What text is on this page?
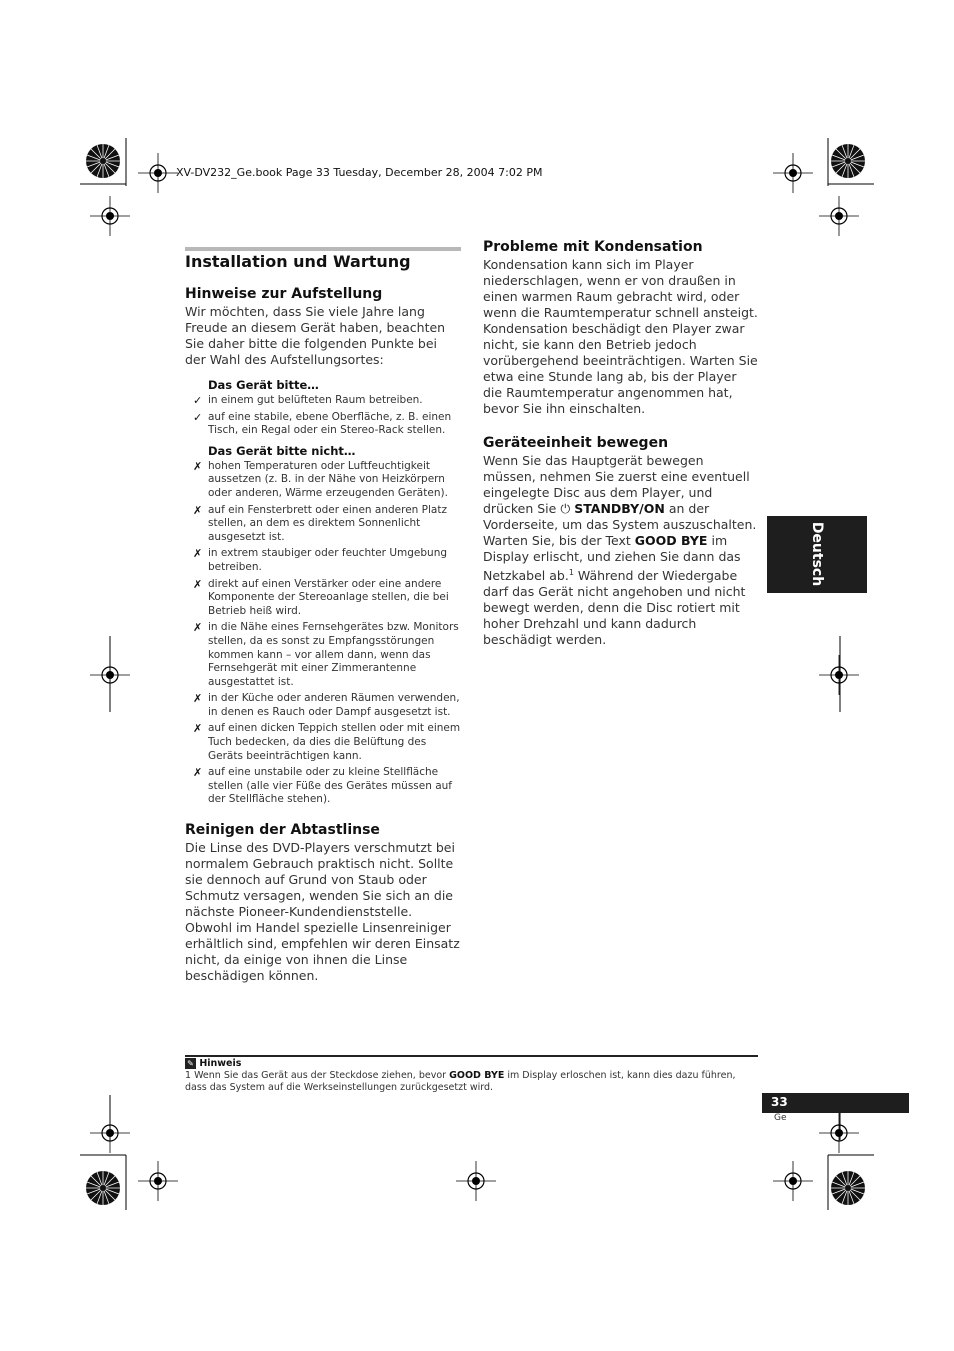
XV-DV232_Ge.book Page 33 Tuesday, December 28, 2004 7:02 PM
Installation und Wartung
Hinweise zur Aufstellung

Wir möchten, dass Sie viele Jahre lang Freude an diesem Gerät haben, beachten Sie daher bitte die folgenden Punkte bei der Wahl des Aufstellungsortes:

Das Gerät bitte…

✓ in einem gut belüfteten Raum betreiben.
✓ auf eine stabile, ebene Oberfläche, z. B. einen Tisch, ein Regal oder ein Stereo-Rack stellen.

Das Gerät bitte nicht…

✗ hohen Temperaturen oder Luftfeuchtigkeit aussetzen (z. B. in der Nähe von Heizkörpern oder anderen, Wärme erzeugenden Geräten).
✗ auf ein Fensterbrett oder einen anderen Platz stellen, an dem es direktem Sonnenlicht ausgesetzt ist.
✗ in extrem staubiger oder feuchter Umgebung betreiben.
✗ direkt auf einen Verstärker oder eine andere Komponente der Stereoanlage stellen, die bei Betrieb heiß wird.
✗ in die Nähe eines Fernsehgerätes bzw. Monitors stellen, da es sonst zu Empfangsstörungen kommen kann – vor allem dann, wenn das Fernsehgerät mit einer Zimmerantenne ausgestattet ist.
✗ in der Küche oder anderen Räumen verwenden, in denen es Rauch oder Dampf ausgesetzt ist.
✗ auf einen dicken Teppich stellen oder mit einem Tuch bedecken, da dies die Belüftung des Geräts beeinträchtigen kann.
✗ auf eine unstabile oder zu kleine Stellfläche stellen (alle vier Füße des Gerätes müssen auf der Stellfläche stehen).
Reinigen der Abtastlinse

Die Linse des DVD-Players verschmutzt bei normalem Gebrauch praktisch nicht. Sollte sie dennoch auf Grund von Staub oder Schmutz versagen, wenden Sie sich an die nächste Pioneer-Kundendienststelle. Obwohl im Handel spezielle Linsenreiniger erhältlich sind, empfehlen wir deren Einsatz nicht, da einige von ihnen die Linse beschädigen können.

Probleme mit Kondensation

Kondensation kann sich im Player niederschlagen, wenn er von draußen in einen warmen Raum gebracht wird, oder wenn die Raumtemperatur schnell ansteigt. Kondensation beschädigt den Player zwar nicht, sie kann den Betrieb jedoch vorübergehend beeinträchtigen. Warten Sie etwa eine Stunde lang ab, bis der Player die Raumtemperatur angenommen hat, bevor Sie ihn einschalten.

Geräteeinheit bewegen

Wenn Sie das Hauptgerät bewegen müssen, nehmen Sie zuerst eine eventuell eingelegte Disc aus dem Player, und drücken Sie ⏻ STANDBY/ON an der Vorderseite, um das System auszuschalten. Warten Sie, bis der Text GOOD BYE im Display erlischt, und ziehen Sie dann das Netzkabel ab.$^1$ Während der Wiedergabe darf das Gerät nicht angehoben und nicht bewegt werden, denn die Disc rotiert mit hoher Drehzahl und kann dadurch beschädigt werden.

Deutsch
✎ Hinweis
1 Wenn Sie das Gerät aus der Steckdose ziehen, bevor GOOD BYE im Display erloschen ist, kann dies dazu führen, dass das System auf die Werkseinstellungen zurückgesetzt wird.
33
Ge
